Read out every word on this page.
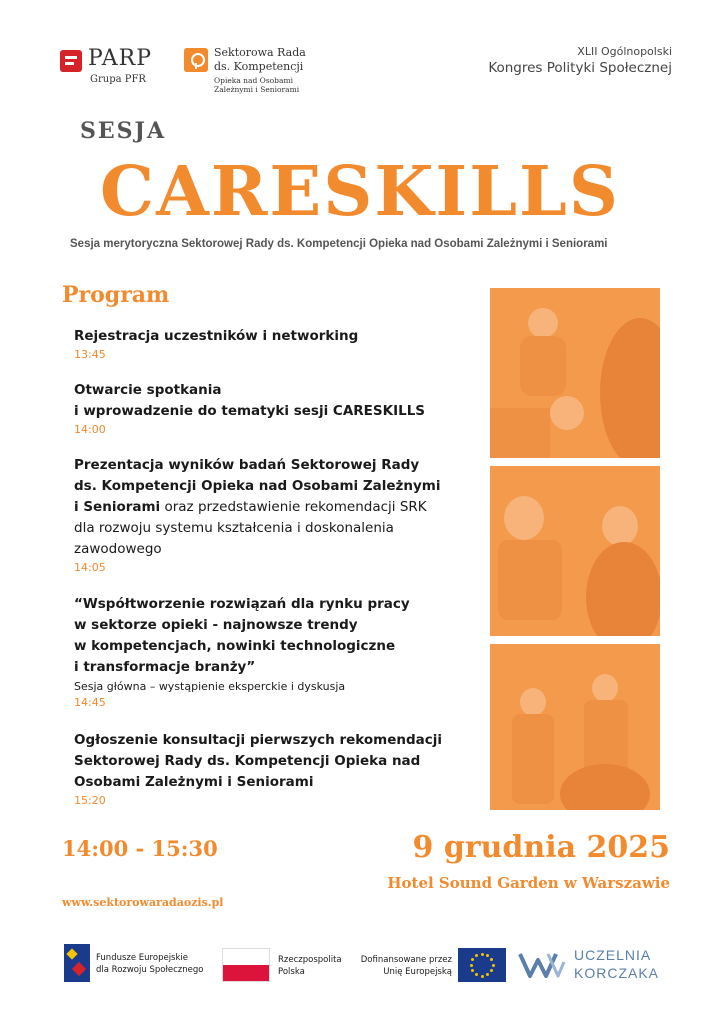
PARP
Grupa PFR
Sektorowa Rada
ds. Kompetencji
Opieka nad Osobami
Zależnymi i Seniorami
XLII Ogólnopolski
Kongres Polityki Społecznej
SESJA
CARESKILLS
Sesja merytoryczna Sektorowej Rady ds. Kompetencji Opieka nad Osobami Zależnymi i Seniorami
Program
Rejestracja uczestników i networking
13:45
Otwarcie spotkania
i wprowadzenie do tematyki sesji CARESKILLS
14:00
Prezentacja wyników badań Sektorowej Rady
ds. Kompetencji Opieka nad Osobami Zależnymi
i Seniorami oraz przedstawienie rekomendacji SRK
dla rozwoju systemu kształcenia i doskonalenia
zawodowego
14:05
“Współtworzenie rozwiązań dla rynku pracy
w sektorze opieki - najnowsze trendy
w kompetencjach, nowinki technologiczne
i transformacje branży”
Sesja główna – wystąpienie eksperckie i dyskusja
14:45
Ogłoszenie konsultacji pierwszych rekomendacji
Sektorowej Rady ds. Kompetencji Opieka nad
Osobami Zależnymi i Seniorami
15:20
14:00 - 15:30	9 grudnia 2025
Hotel Sound Garden w Warszawie
www.sektorowaradaozis.pl
Fundusze Europejskie
dla Rozwoju Społecznego
Rzeczpospolita
Polska
Dofinansowane przez
Unię Europejską
UCZELNIA
KORCZAKA
